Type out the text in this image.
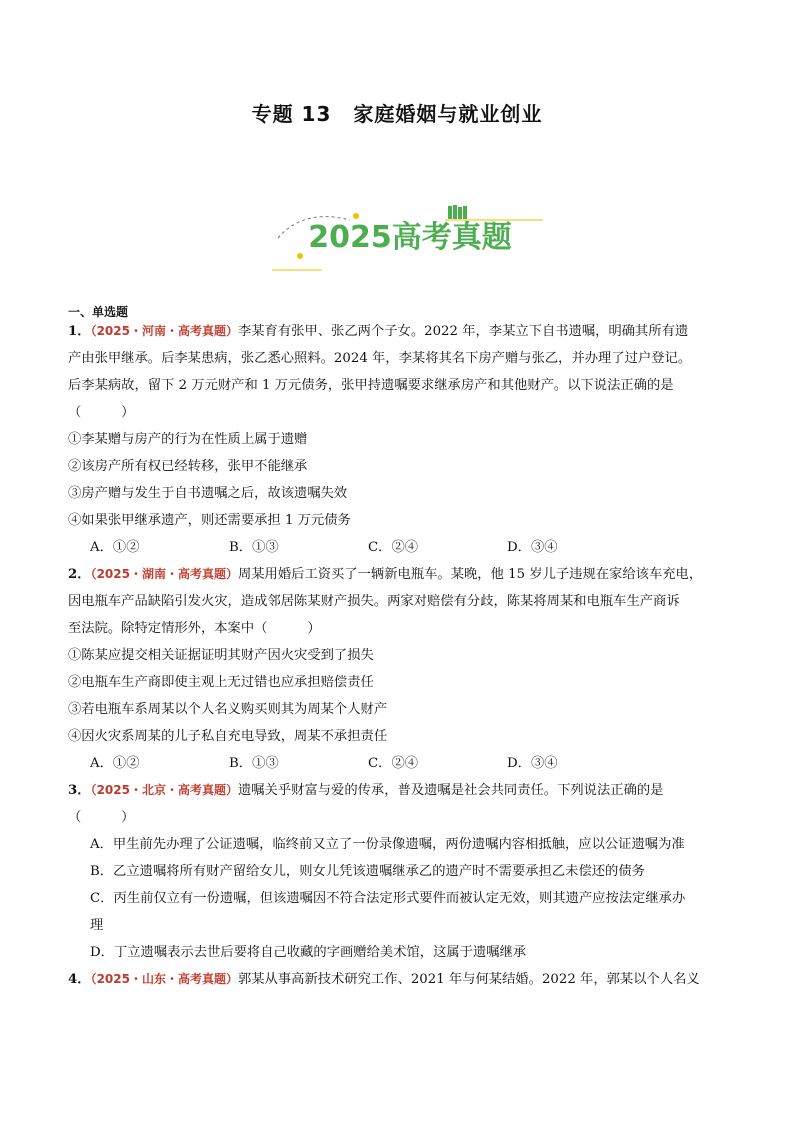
专题 13 家庭婚姻与就业创业
2025高考真题
一、单选题
1．（2025・河南・高考真题）李某育有张甲、张乙两个子女。2022 年，李某立下自书遗嘱，明确其所有遗
产由张甲继承。后李某患病，张乙悉心照料。2024 年，李某将其名下房产赠与张乙，并办理了过户登记。
后李某病故，留下 2 万元财产和 1 万元债务，张甲持遗嘱要求继承房产和其他财产。以下说法正确的是
（　　　）
①李某赠与房产的行为在性质上属于遗赠
②该房产所有权已经转移，张甲不能继承
③房产赠与发生于自书遗嘱之后，故该遗嘱失效
④如果张甲继承遗产，则还需要承担 1 万元债务
A．①②	B．①③	C．②④	D．③④
2．（2025・湖南・高考真题）周某用婚后工资买了一辆新电瓶车。某晚，他 15 岁儿子违规在家给该车充电，
因电瓶车产品缺陷引发火灾，造成邻居陈某财产损失。两家对赔偿有分歧，陈某将周某和电瓶车生产商诉
至法院。除特定情形外，本案中（　　　）
①陈某应提交相关证据证明其财产因火灾受到了损失
②电瓶车生产商即使主观上无过错也应承担赔偿责任
③若电瓶车系周某以个人名义购买则其为周某个人财产
④因火灾系周某的儿子私自充电导致，周某不承担责任
A．①②	B．①③	C．②④	D．③④
3．（2025・北京・高考真题）遗嘱关乎财富与爱的传承，普及遗嘱是社会共同责任。下列说法正确的是
（　　　）
A．甲生前先办理了公证遗嘱，临终前又立了一份录像遗嘱，两份遗嘱内容相抵触，应以公证遗嘱为准
B．乙立遗嘱将所有财产留给女儿，则女儿凭该遗嘱继承乙的遗产时不需要承担乙未偿还的债务
C．丙生前仅立有一份遗嘱，但该遗嘱因不符合法定形式要件而被认定无效，则其遗产应按法定继承办
理
D．丁立遗嘱表示去世后要将自己收藏的字画赠给美术馆，这属于遗嘱继承
4．（2025・山东・高考真题）郭某从事高新技术研究工作、2021 年与何某结婚。2022 年，郭某以个人名义
